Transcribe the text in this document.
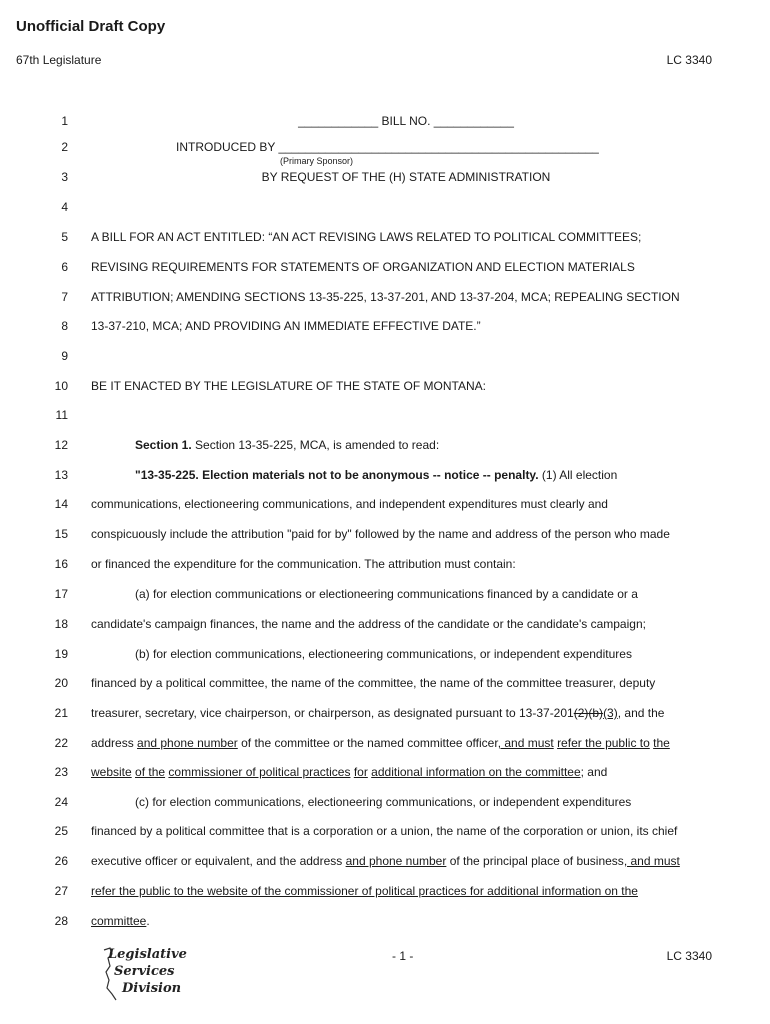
Unofficial Draft Copy
67th Legislature	LC 3340
1
2
3
4
5
6
7
8
9
10
11
12
13
14
15
16
17
18
19
20
21
22
23
24
25
26
27
28
____________ BILL NO. ____________
INTRODUCED BY ________________________________________________
(Primary Sponsor)
BY REQUEST OF THE (H) STATE ADMINISTRATION
A BILL FOR AN ACT ENTITLED: “AN ACT REVISING LAWS RELATED TO POLITICAL COMMITTEES;
REVISING REQUIREMENTS FOR STATEMENTS OF ORGANIZATION AND ELECTION MATERIALS
ATTRIBUTION; AMENDING SECTIONS 13-35-225, 13-37-201, AND 13-37-204, MCA; REPEALING SECTION
13-37-210, MCA; AND PROVIDING AN IMMEDIATE EFFECTIVE DATE.”
BE IT ENACTED BY THE LEGISLATURE OF THE STATE OF MONTANA:
Section 1. Section 13-35-225, MCA, is amended to read:
"13-35-225. Election materials not to be anonymous -- notice -- penalty. (1) All election
communications, electioneering communications, and independent expenditures must clearly and
conspicuously include the attribution "paid for by" followed by the name and address of the person who made
or financed the expenditure for the communication. The attribution must contain:
(a) for election communications or electioneering communications financed by a candidate or a
candidate's campaign finances, the name and the address of the candidate or the candidate's campaign;
(b) for election communications, electioneering communications, or independent expenditures
financed by a political committee, the name of the committee, the name of the committee treasurer, deputy
treasurer, secretary, vice chairperson, or chairperson, as designated pursuant to 13-37-201(2)(b)(3), and the
address and phone number of the committee or the named committee officer, and must refer the public to the
website of the commissioner of political practices for additional information on the committee; and
(c) for election communications, electioneering communications, or independent expenditures
financed by a political committee that is a corporation or a union, the name of the corporation or union, its chief
executive officer or equivalent, and the address and phone number of the principal place of business, and must
refer the public to the website of the commissioner of political practices for additional information on the
committee.
Legislative
Services
Division
- 1 -	LC 3340
